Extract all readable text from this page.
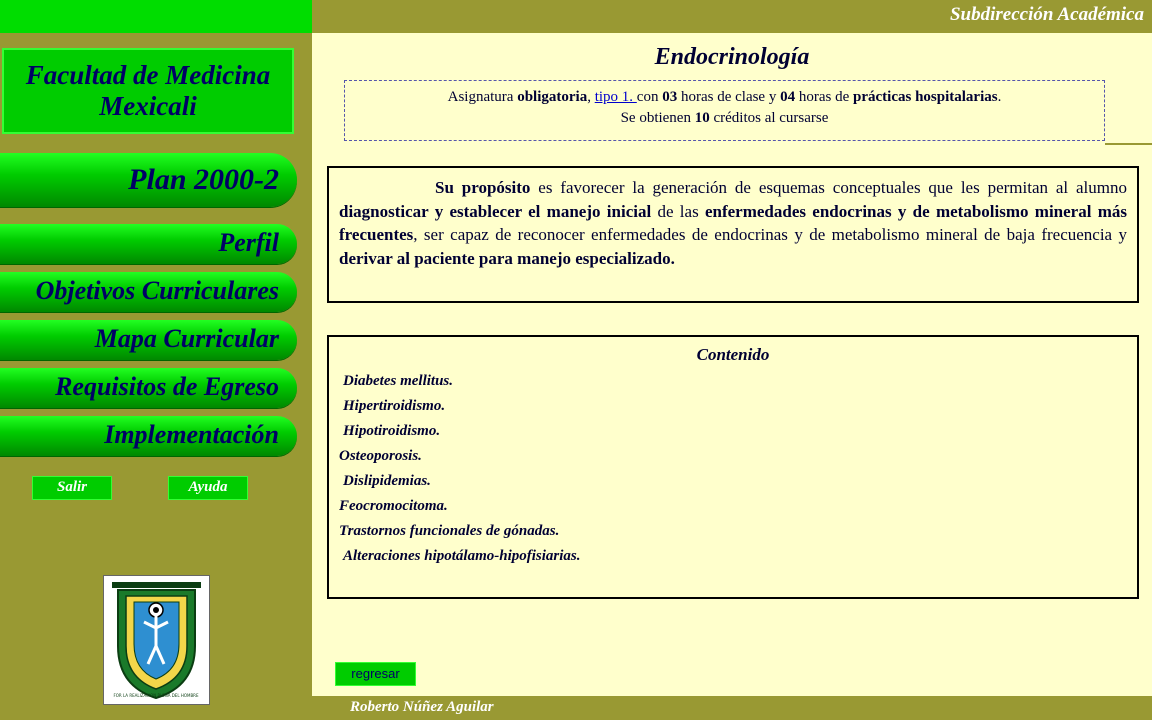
Subdirección Académica
Facultad de Medicina
Mexicali
Plan 2000-2
Perfil
Objetivos Curriculares
Mapa Curricular
Requisitos de Egreso
Implementación
Salir	Ayuda
FOR LA REALIZACION PLENA DEL HOMBRE
Endocrinología
Asignatura obligatoria, tipo 1. con 03 horas de clase y 04 horas de prácticas hospitalarias.
Se obtienen 10 créditos al cursarse
Su propósito es favorecer la generación de esquemas conceptuales que les permitan al alumno diagnosticar y establecer el manejo inicial de las enfermedades endocrinas y de metabolismo mineral más frecuentes, ser capaz de reconocer enfermedades de endocrinas y de metabolismo mineral de baja frecuencia y derivar al paciente para manejo especializado.
Contenido
Diabetes mellitus.
Hipertiroidismo.
Hipotiroidismo.
Osteoporosis.
Dislipidemias.
Feocromocitoma.
Trastornos funcionales de gónadas.
Alteraciones hipotálamo-hipofisiarias.
regresar
Roberto Núñez Aguilar
